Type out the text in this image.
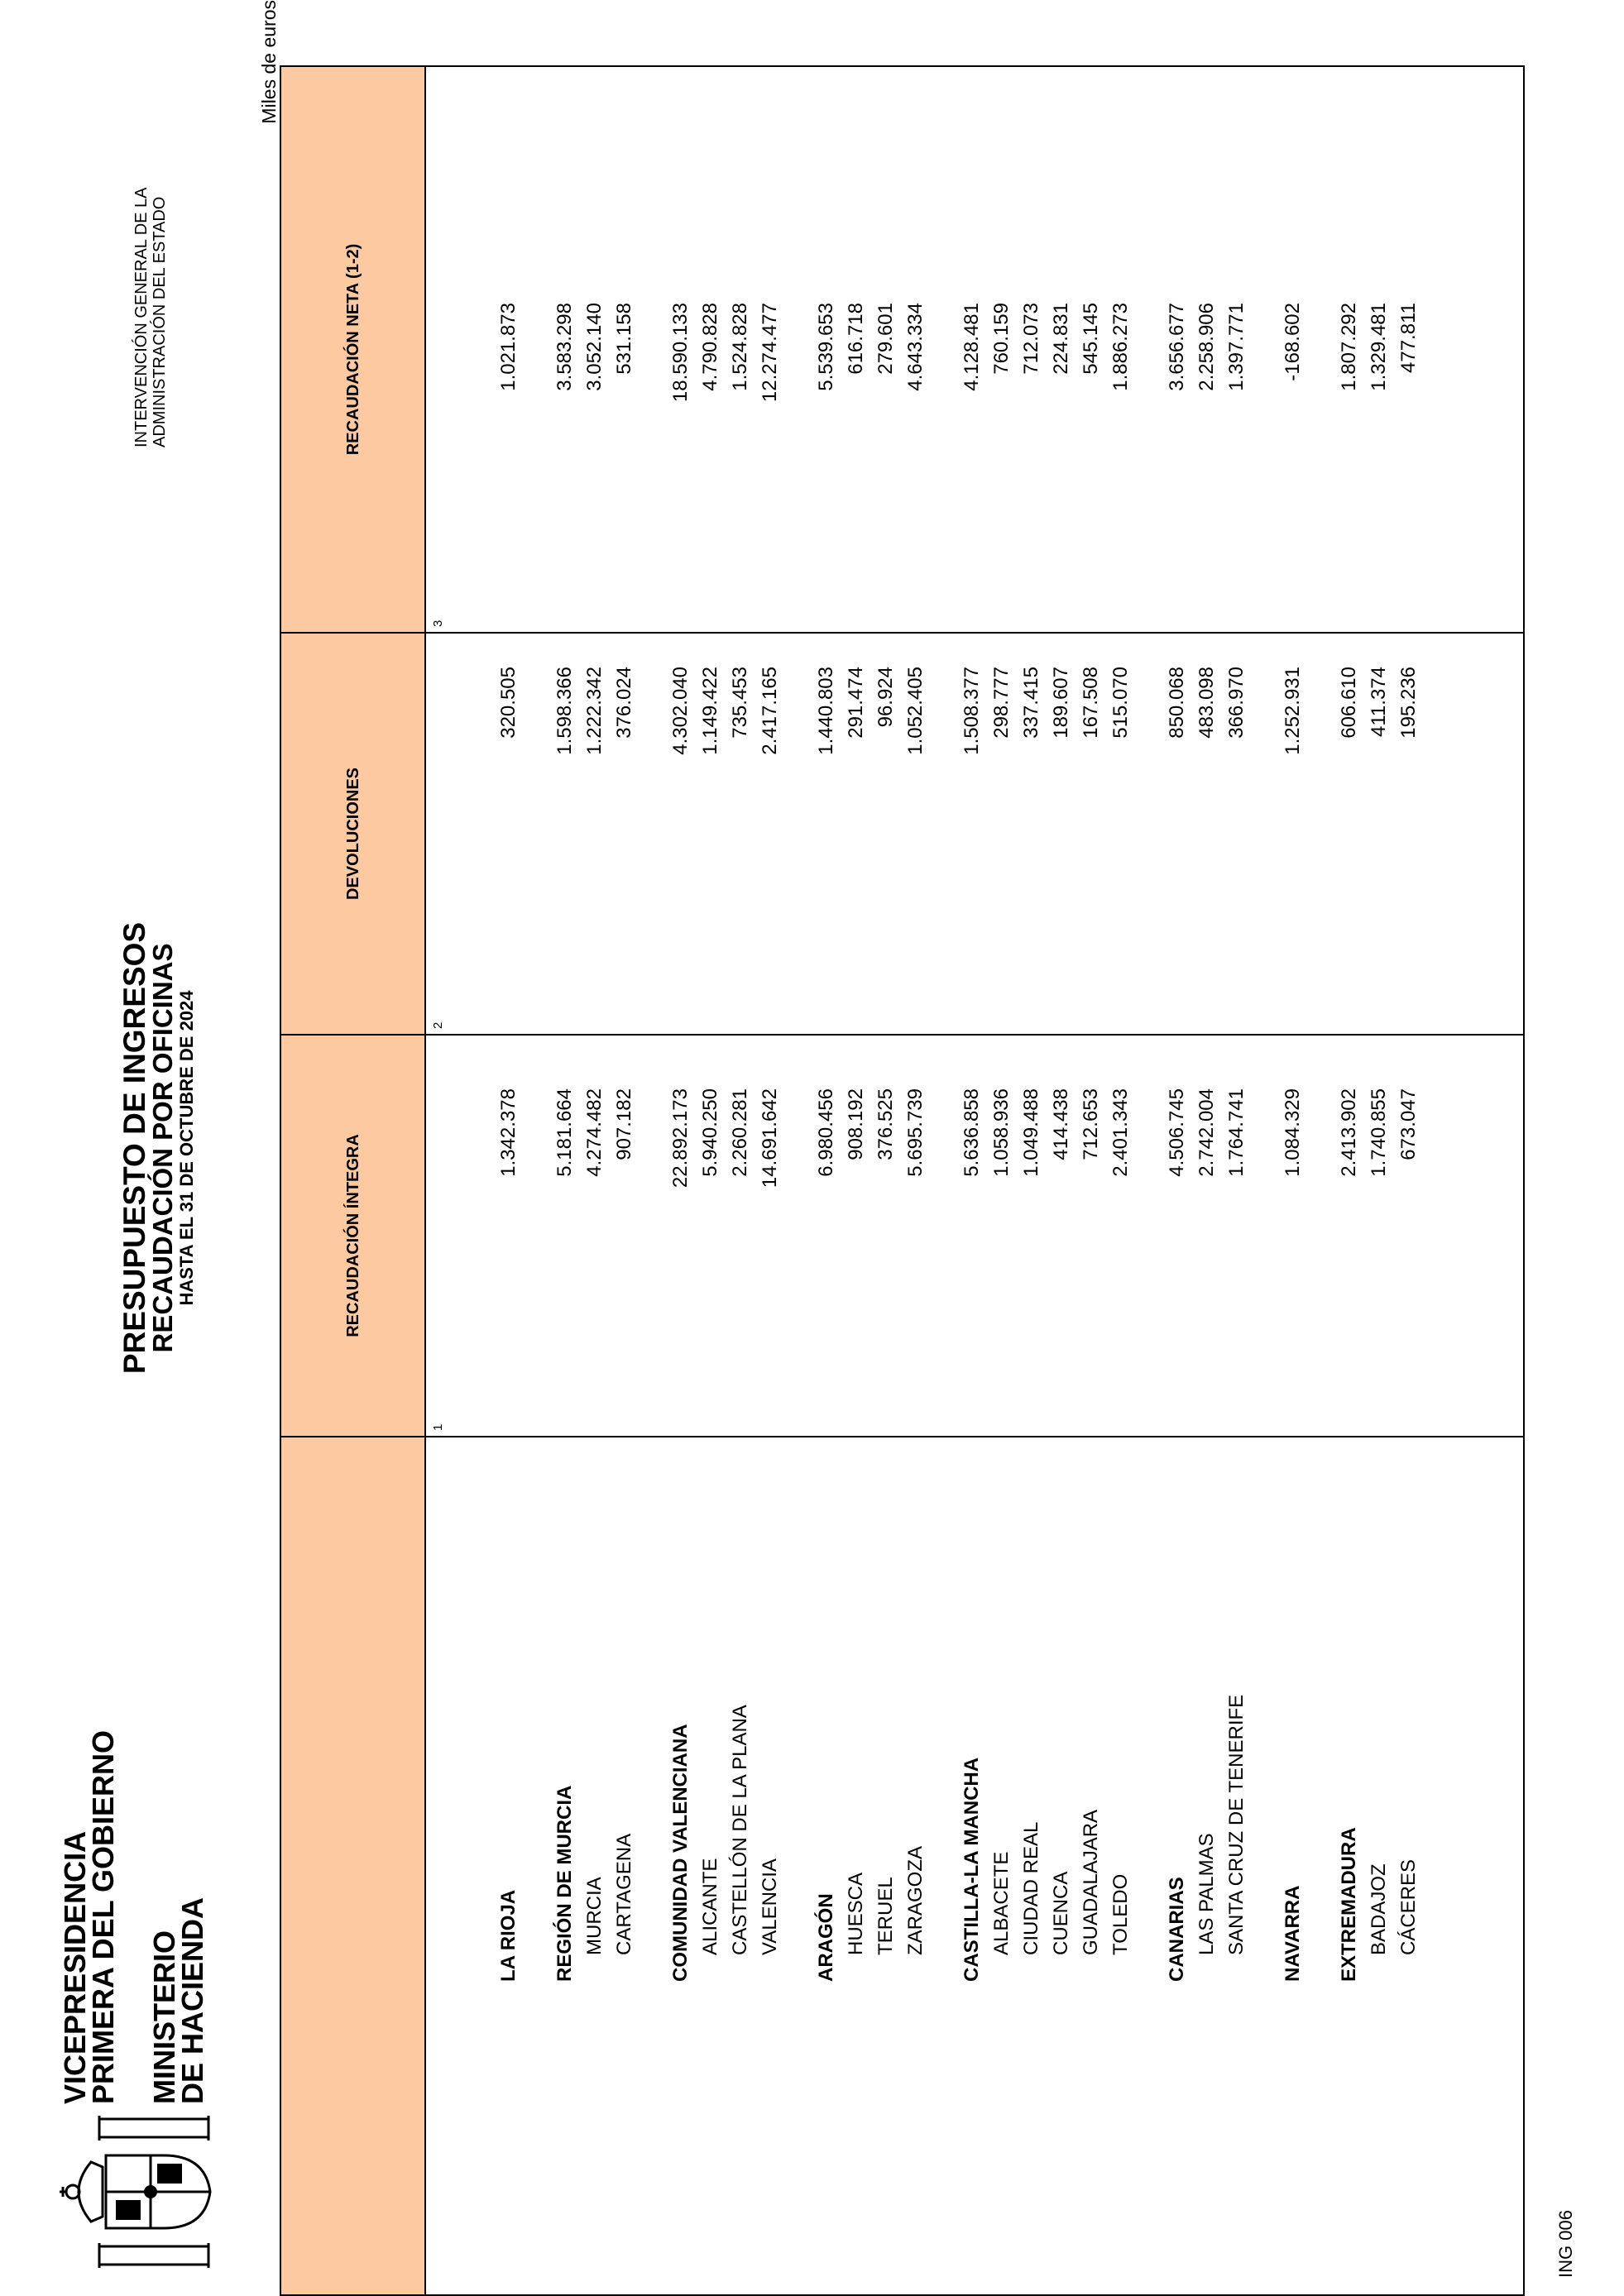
VICEPRESIDENCIA
PRIMERA DEL GOBIERNO MINISTERIO
DE HACIENDA
PRESUPUESTO DE INGRESOS
RECAUDACIÓN POR OFICINAS
HASTA EL 31 DE OCTUBRE DE 2024
INTERVENCIÓN GENERAL DE LA ADMINISTRACIÓN DEL ESTADO
Miles de euros
RECAUDACIÓN ÍNTEGRA
DEVOLUCIONES
RECAUDACIÓN NETA (1-2)
1
2
3
LA RIOJA
1.342.378
320.505
1.021.873
REGIÓN DE MURCIA
5.181.664
1.598.366
3.583.298
MURCIA
4.274.482
1.222.342
3.052.140
CARTAGENA
907.182
376.024
531.158
COMUNIDAD VALENCIANA
22.892.173
4.302.040
18.590.133
ALICANTE
5.940.250
1.149.422
4.790.828
CASTELLÓN DE LA PLANA
2.260.281
735.453
1.524.828
VALENCIA
14.691.642
2.417.165
12.274.477
ARAGÓN
6.980.456
1.440.803
5.539.653
HUESCA
908.192
291.474
616.718
TERUEL
376.525
96.924
279.601
ZARAGOZA
5.695.739
1.052.405
4.643.334
CASTILLA-LA MANCHA
5.636.858
1.508.377
4.128.481
ALBACETE
1.058.936
298.777
760.159
CIUDAD REAL
1.049.488
337.415
712.073
CUENCA
414.438
189.607
224.831
GUADALAJARA
712.653
167.508
545.145
TOLEDO
2.401.343
515.070
1.886.273
CANARIAS
4.506.745
850.068
3.656.677
LAS PALMAS
2.742.004
483.098
2.258.906
SANTA CRUZ DE TENERIFE
1.764.741
366.970
1.397.771
NAVARRA
1.084.329
1.252.931
-168.602
EXTREMADURA
2.413.902
606.610
1.807.292
BADAJOZ
1.740.855
411.374
1.329.481
CÁCERES
673.047
195.236
477.811
ING 006
